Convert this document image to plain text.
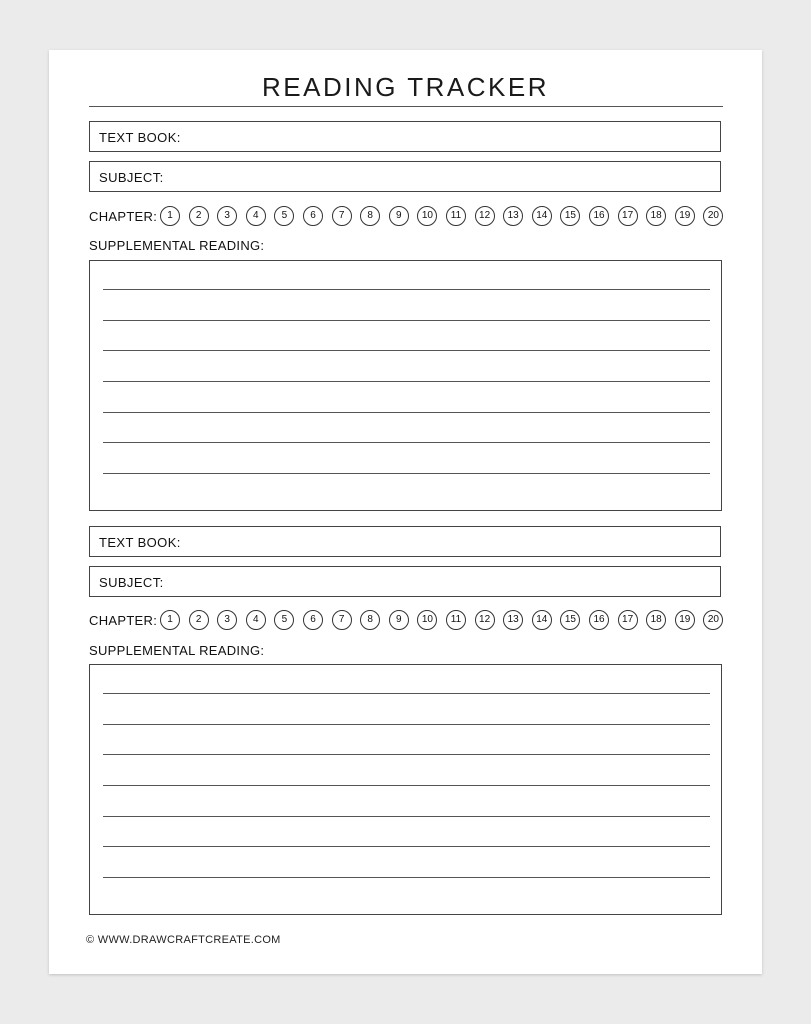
READING TRACKER
TEXT BOOK:
SUBJECT:
CHAPTER:	1	2	3	4	5	6	7	8	9	10	11	12	13	14	15	16	17	18	19	20
SUPPLEMENTAL READING:
TEXT BOOK:
SUBJECT:
CHAPTER:	1	2	3	4	5	6	7	8	9	10	11	12	13	14	15	16	17	18	19	20
SUPPLEMENTAL READING:
© WWW.DRAWCRAFTCREATE.COM
